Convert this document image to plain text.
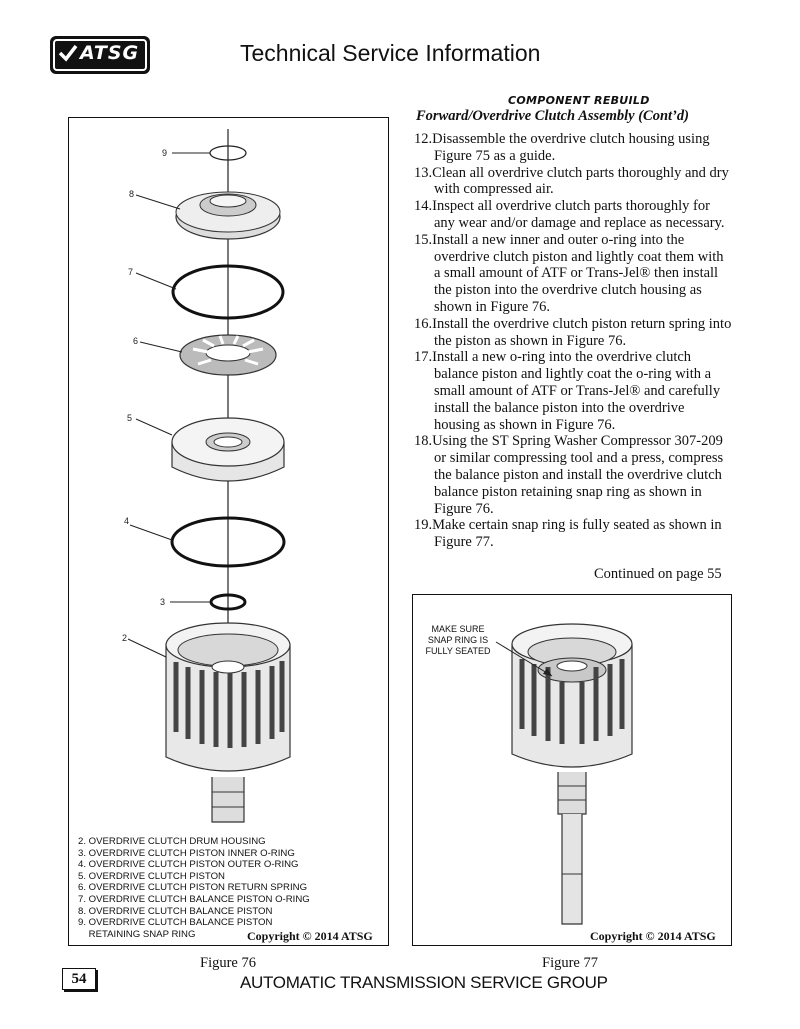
ATSG	Technical Service Information
COMPONENT REBUILD
Forward/Overdrive Clutch Assembly (Cont’d)

12.Disassemble the overdrive clutch housing using Figure 75 as a guide.

13.Clean all overdrive clutch parts thoroughly and dry with compressed air.

14.Inspect all overdrive clutch parts thoroughly for any wear and/or damage and replace as necessary.

15.Install a new inner and outer o-ring into the overdrive clutch piston and lightly coat them with a small amount of ATF or Trans-Jel® then install the piston into the overdrive clutch housing as shown in Figure 76.

16.Install the overdrive clutch piston return spring into the piston as shown in Figure 76.

17.Install a new o-ring into the overdrive clutch balance piston and lightly coat the o-ring with a small amount of ATF or Trans-Jel® and carefully install the balance piston into the overdrive housing as shown in Figure 76.

18.Using the ST Spring Washer Compressor 307-209 or similar compressing tool and a press, compress the balance piston and install the overdrive clutch balance piston retaining snap ring as shown in Figure 76.

19.Make certain snap ring is fully seated as shown in Figure 77.

Continued on page 55
9
8
7
6
5
4
3
2
2. OVERDRIVE CLUTCH DRUM HOUSING
3. OVERDRIVE CLUTCH PISTON INNER O-RING
4. OVERDRIVE CLUTCH PISTON OUTER O-RING
5. OVERDRIVE CLUTCH PISTON
6. OVERDRIVE CLUTCH PISTON RETURN SPRING
7. OVERDRIVE CLUTCH BALANCE PISTON O-RING
8. OVERDRIVE CLUTCH BALANCE PISTON
9. OVERDRIVE CLUTCH BALANCE PISTON
RETAINING SNAP RING	Copyright © 2014 ATSG
Figure 76
MAKE SURE
SNAP RING IS
FULLY SEATED
Copyright © 2014 ATSG
Figure 77
54	AUTOMATIC TRANSMISSION SERVICE GROUP
